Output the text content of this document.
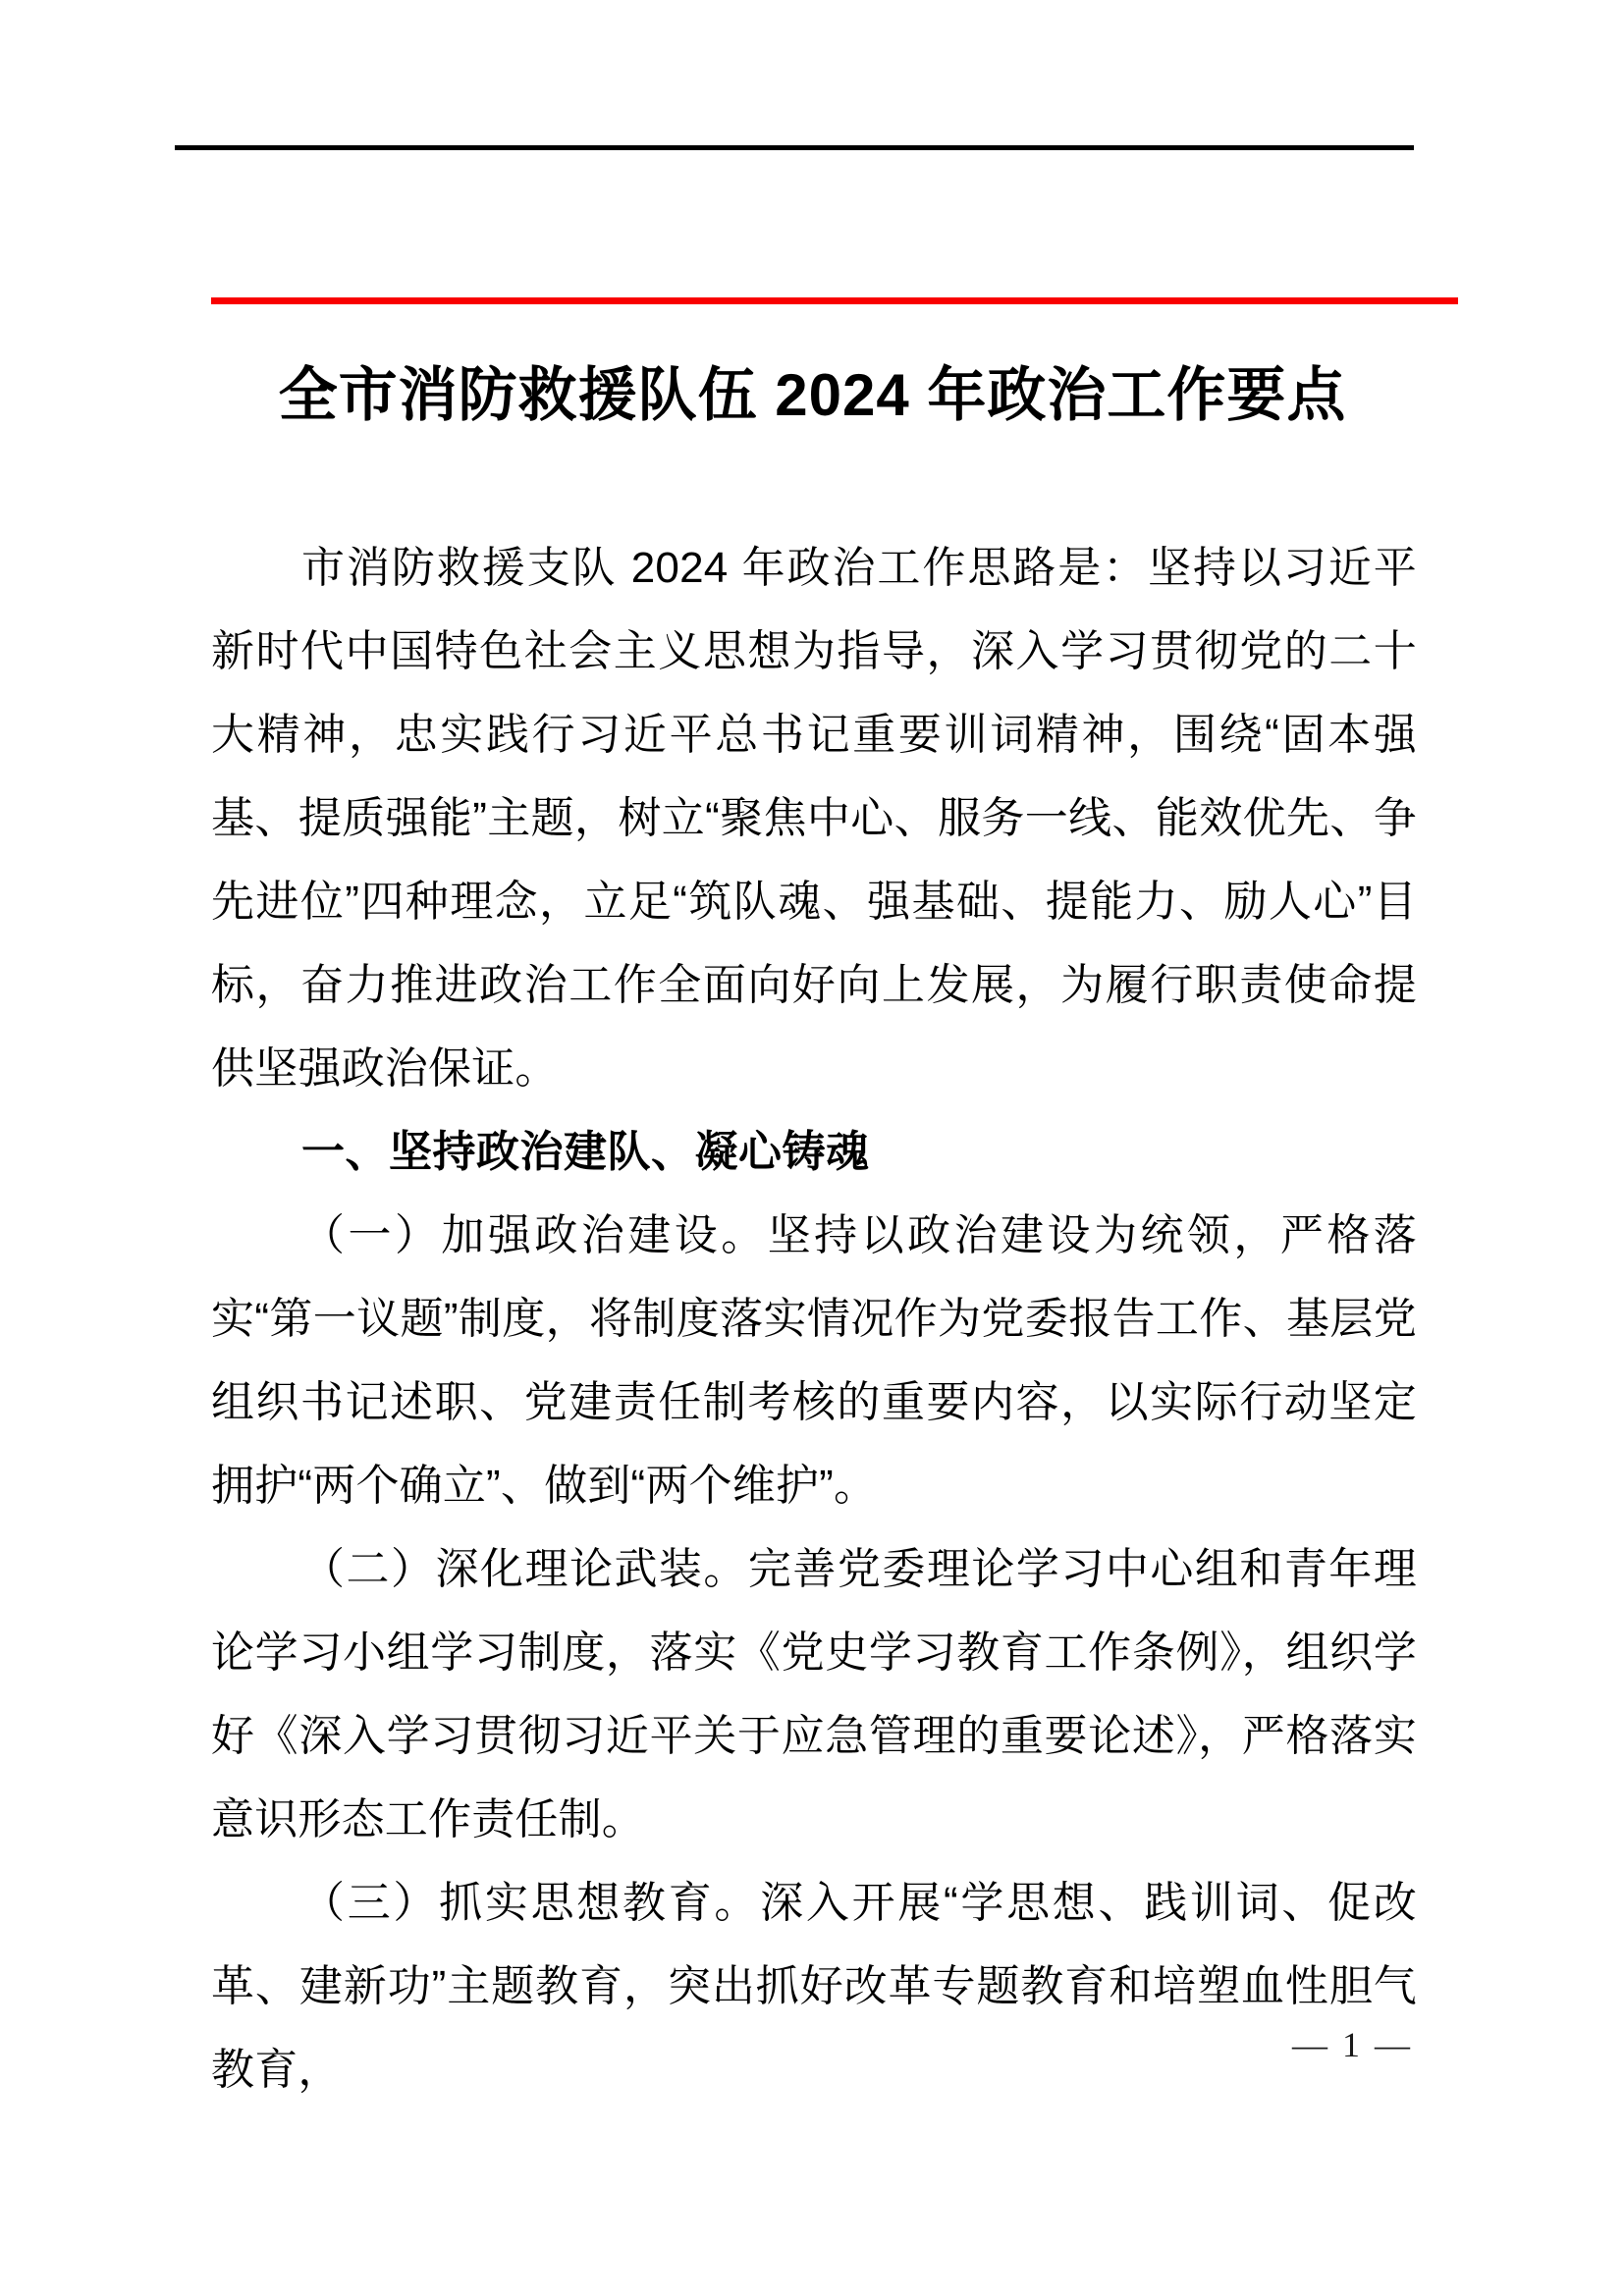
全市消防救援队伍 2024 年政治工作要点

市消防救援支队 2024 年政治工作思路是：坚持以习近平新时代中国特色社会主义思想为指导，深入学习贯彻党的二十大精神，忠实践行习近平总书记重要训词精神，围绕“固本强基、提质强能”主题，树立“聚焦中心、服务一线、能效优先、争先进位”四种理念，立足“筑队魂、强基础、提能力、励人心”目标，奋力推进政治工作全面向好向上发展，为履行职责使命提供坚强政治保证。

一、坚持政治建队、凝心铸魂

（一）加强政治建设。坚持以政治建设为统领，严格落实“第一议题”制度，将制度落实情况作为党委报告工作、基层党组织书记述职、党建责任制考核的重要内容，以实际行动坚定拥护“两个确立”、做到“两个维护”。

（二）深化理论武装。完善党委理论学习中心组和青年理论学习小组学习制度，落实《党史学习教育工作条例》，组织学好《深入学习贯彻习近平关于应急管理的重要论述》，严格落实意识形态工作责任制。

（三）抓实思想教育。深入开展“学思想、践训词、促改革、建新功”主题教育，突出抓好改革专题教育和培塑血性胆气教育，

— 1 —
